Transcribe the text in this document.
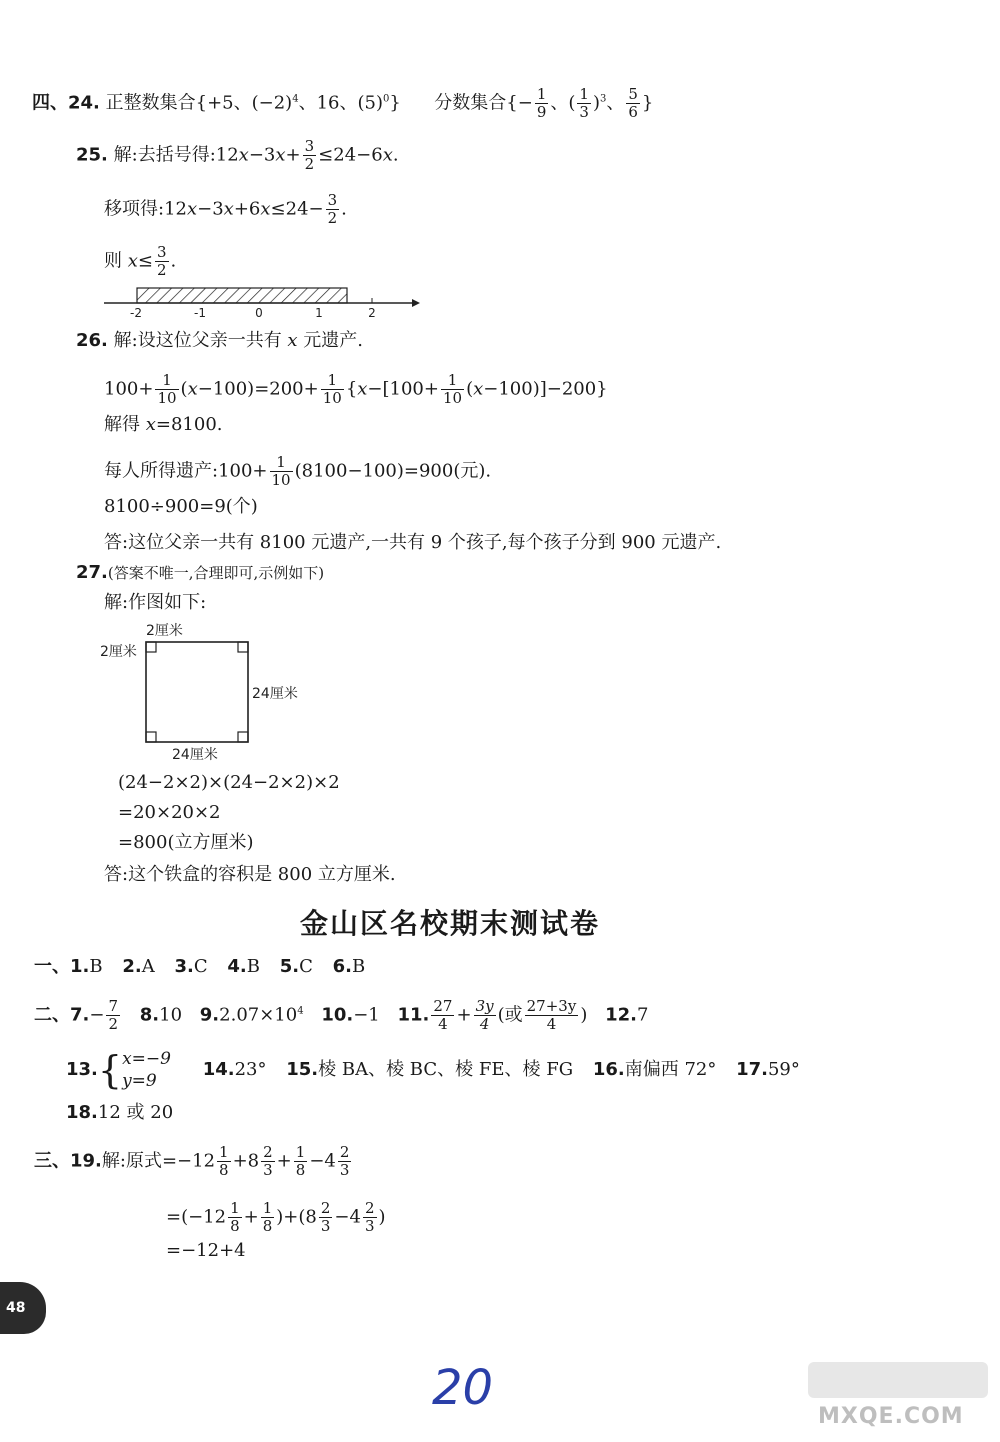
四、24. 正整数集合{+5、$(-2)^4$、16、$(5)^0$} 分数集合{− $\frac{1}{9}$ 、( $\frac{1}{3} )^3$、 $\frac{5}{6}$ }
25. 解:去括号得:12x−3x+ $\frac{3}{2} \le 24-6x$.
移项得:12x−3x+6x≤24− $\frac{3}{2}$ .
则 $x\le \frac{3}{2}$ .
-2	-1	0	1	2
26. 解:设这位父亲一共有 x 元遗产.
$100+ \frac{1}{10} (x-100)=200+ \frac{1}{10} \{x-[100+ \frac{1}{10} (x-100)]-200\}$
解得 x=8100.
每人所得遗产:100+ $\frac{1}{10} (8100-100)=900$(元).
8100÷900=9(个)
答:这位父亲一共有 8100 元遗产,一共有 9 个孩子,每个孩子分到 900 元遗产.
27.(答案不唯一,合理即可,示例如下)
解:作图如下:
2厘米
2厘米
24厘米
24厘米
(24−2×2)×(24−2×2)×2
=20×20×2
=800(立方厘米)
答:这个铁盒的容积是 800 立方厘米.
金山区名校期末测试卷
一、1.B 2.A 3.C 4.B 5.C 6.B
二、$7.- \frac{7}{2} 8.10$ $9.2.07\times 10^4$ 10.−1 11. $\frac{27}{4} + \frac{3y}{4}$ (或 $\frac{27+3y}{4}$ ) 12.7
13.{ x=−9
y=9
14.23° 15.棱 BA、棱 BC、棱 FE、棱 FG 16.南偏西 72° 17.59°
18.12 或 20
三、19.解:原式$=-12 \frac{1}{8} +8 \frac{2}{3} + \frac{1}{8} -4 \frac{2}{3}$
$=(-12 \frac{1}{8} + \frac{1}{8} )+(8 \frac{2}{3} -4 \frac{2}{3}$ )
=−12+4
48
20
MXQE.COM
